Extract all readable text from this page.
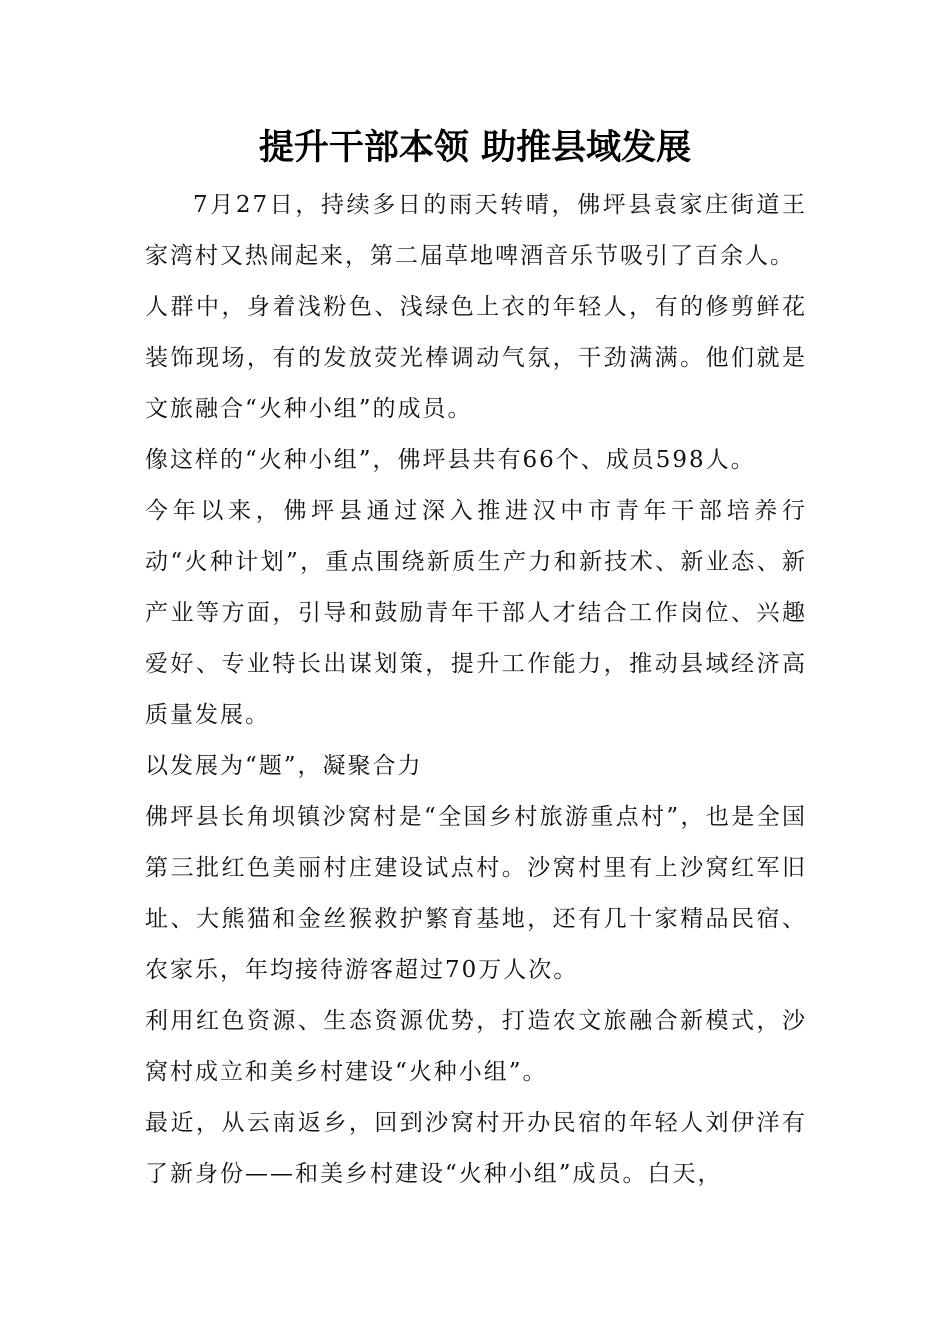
提升干部本领 助推县域发展

7月27日，持续多日的雨天转晴，佛坪县袁家庄街道王家湾村又热闹起来，第二届草地啤酒音乐节吸引了百余人。

人群中，身着浅粉色、浅绿色上衣的年轻人，有的修剪鲜花装饰现场，有的发放荧光棒调动气氛，干劲满满。他们就是文旅融合“火种小组”的成员。

像这样的“火种小组”，佛坪县共有66个、成员598人。

今年以来，佛坪县通过深入推进汉中市青年干部培养行动“火种计划”，重点围绕新质生产力和新技术、新业态、新产业等方面，引导和鼓励青年干部人才结合工作岗位、兴趣爱好、专业特长出谋划策，提升工作能力，推动县域经济高质量发展。

以发展为“题”，凝聚合力

佛坪县长角坝镇沙窝村是“全国乡村旅游重点村”，也是全国第三批红色美丽村庄建设试点村。沙窝村里有上沙窝红军旧址、大熊猫和金丝猴救护繁育基地，还有几十家精品民宿、农家乐，年均接待游客超过70万人次。

利用红色资源、生态资源优势，打造农文旅融合新模式，沙窝村成立和美乡村建设“火种小组”。

最近，从云南返乡，回到沙窝村开办民宿的年轻人刘伊洋有了新身份——和美乡村建设“火种小组”成员。白天，
